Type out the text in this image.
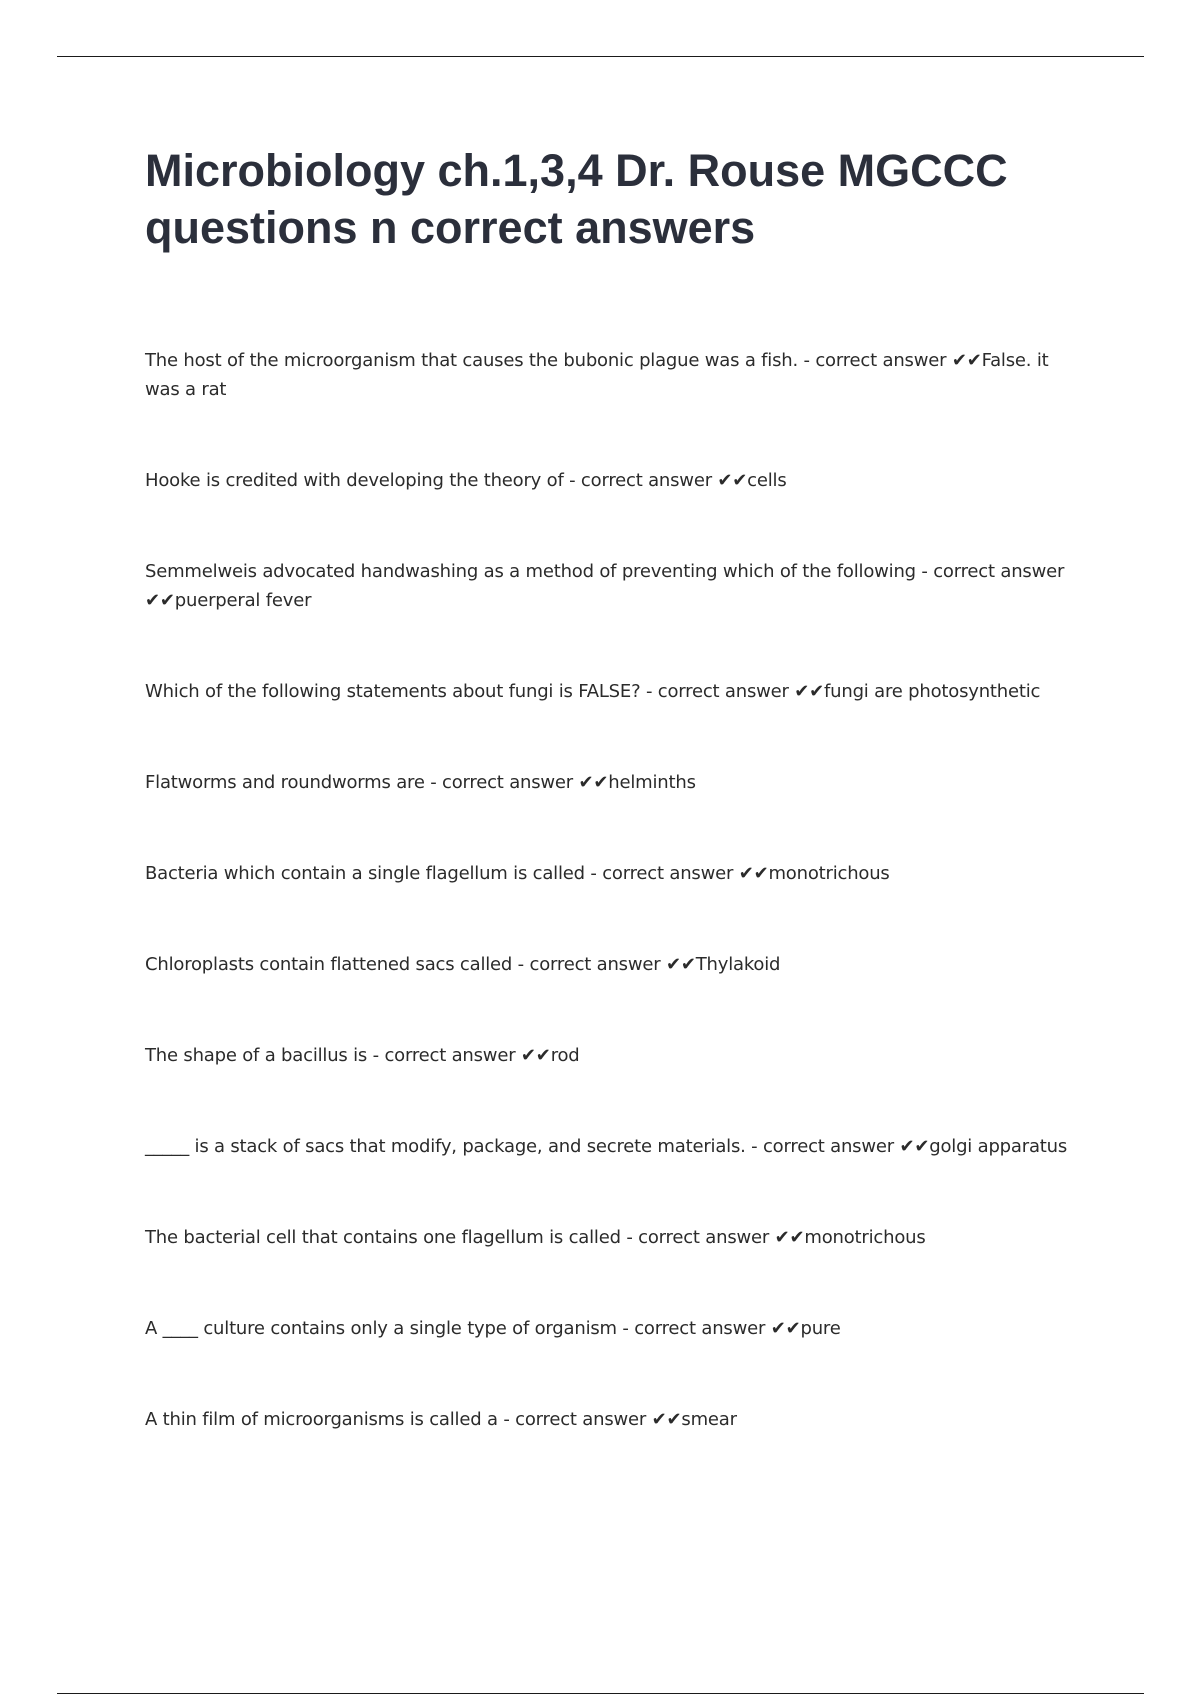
Microbiology ch.1,3,4 Dr. Rouse MGCCC questions n correct answers
The host of the microorganism that causes the bubonic plague was a fish. - correct answer ✔✔False. it was a rat
Hooke is credited with developing the theory of - correct answer ✔✔cells
Semmelweis advocated handwashing as a method of preventing which of the following - correct answer ✔✔puerperal fever
Which of the following statements about fungi is FALSE? - correct answer ✔✔fungi are photosynthetic
Flatworms and roundworms are - correct answer ✔✔helminths
Bacteria which contain a single flagellum is called - correct answer ✔✔monotrichous
Chloroplasts contain flattened sacs called - correct answer ✔✔Thylakoid
The shape of a bacillus is - correct answer ✔✔rod
_____ is a stack of sacs that modify, package, and secrete materials. - correct answer ✔✔golgi apparatus
The bacterial cell that contains one flagellum is called - correct answer ✔✔monotrichous
A ____ culture contains only a single type of organism - correct answer ✔✔pure
A thin film of microorganisms is called a - correct answer ✔✔smear
